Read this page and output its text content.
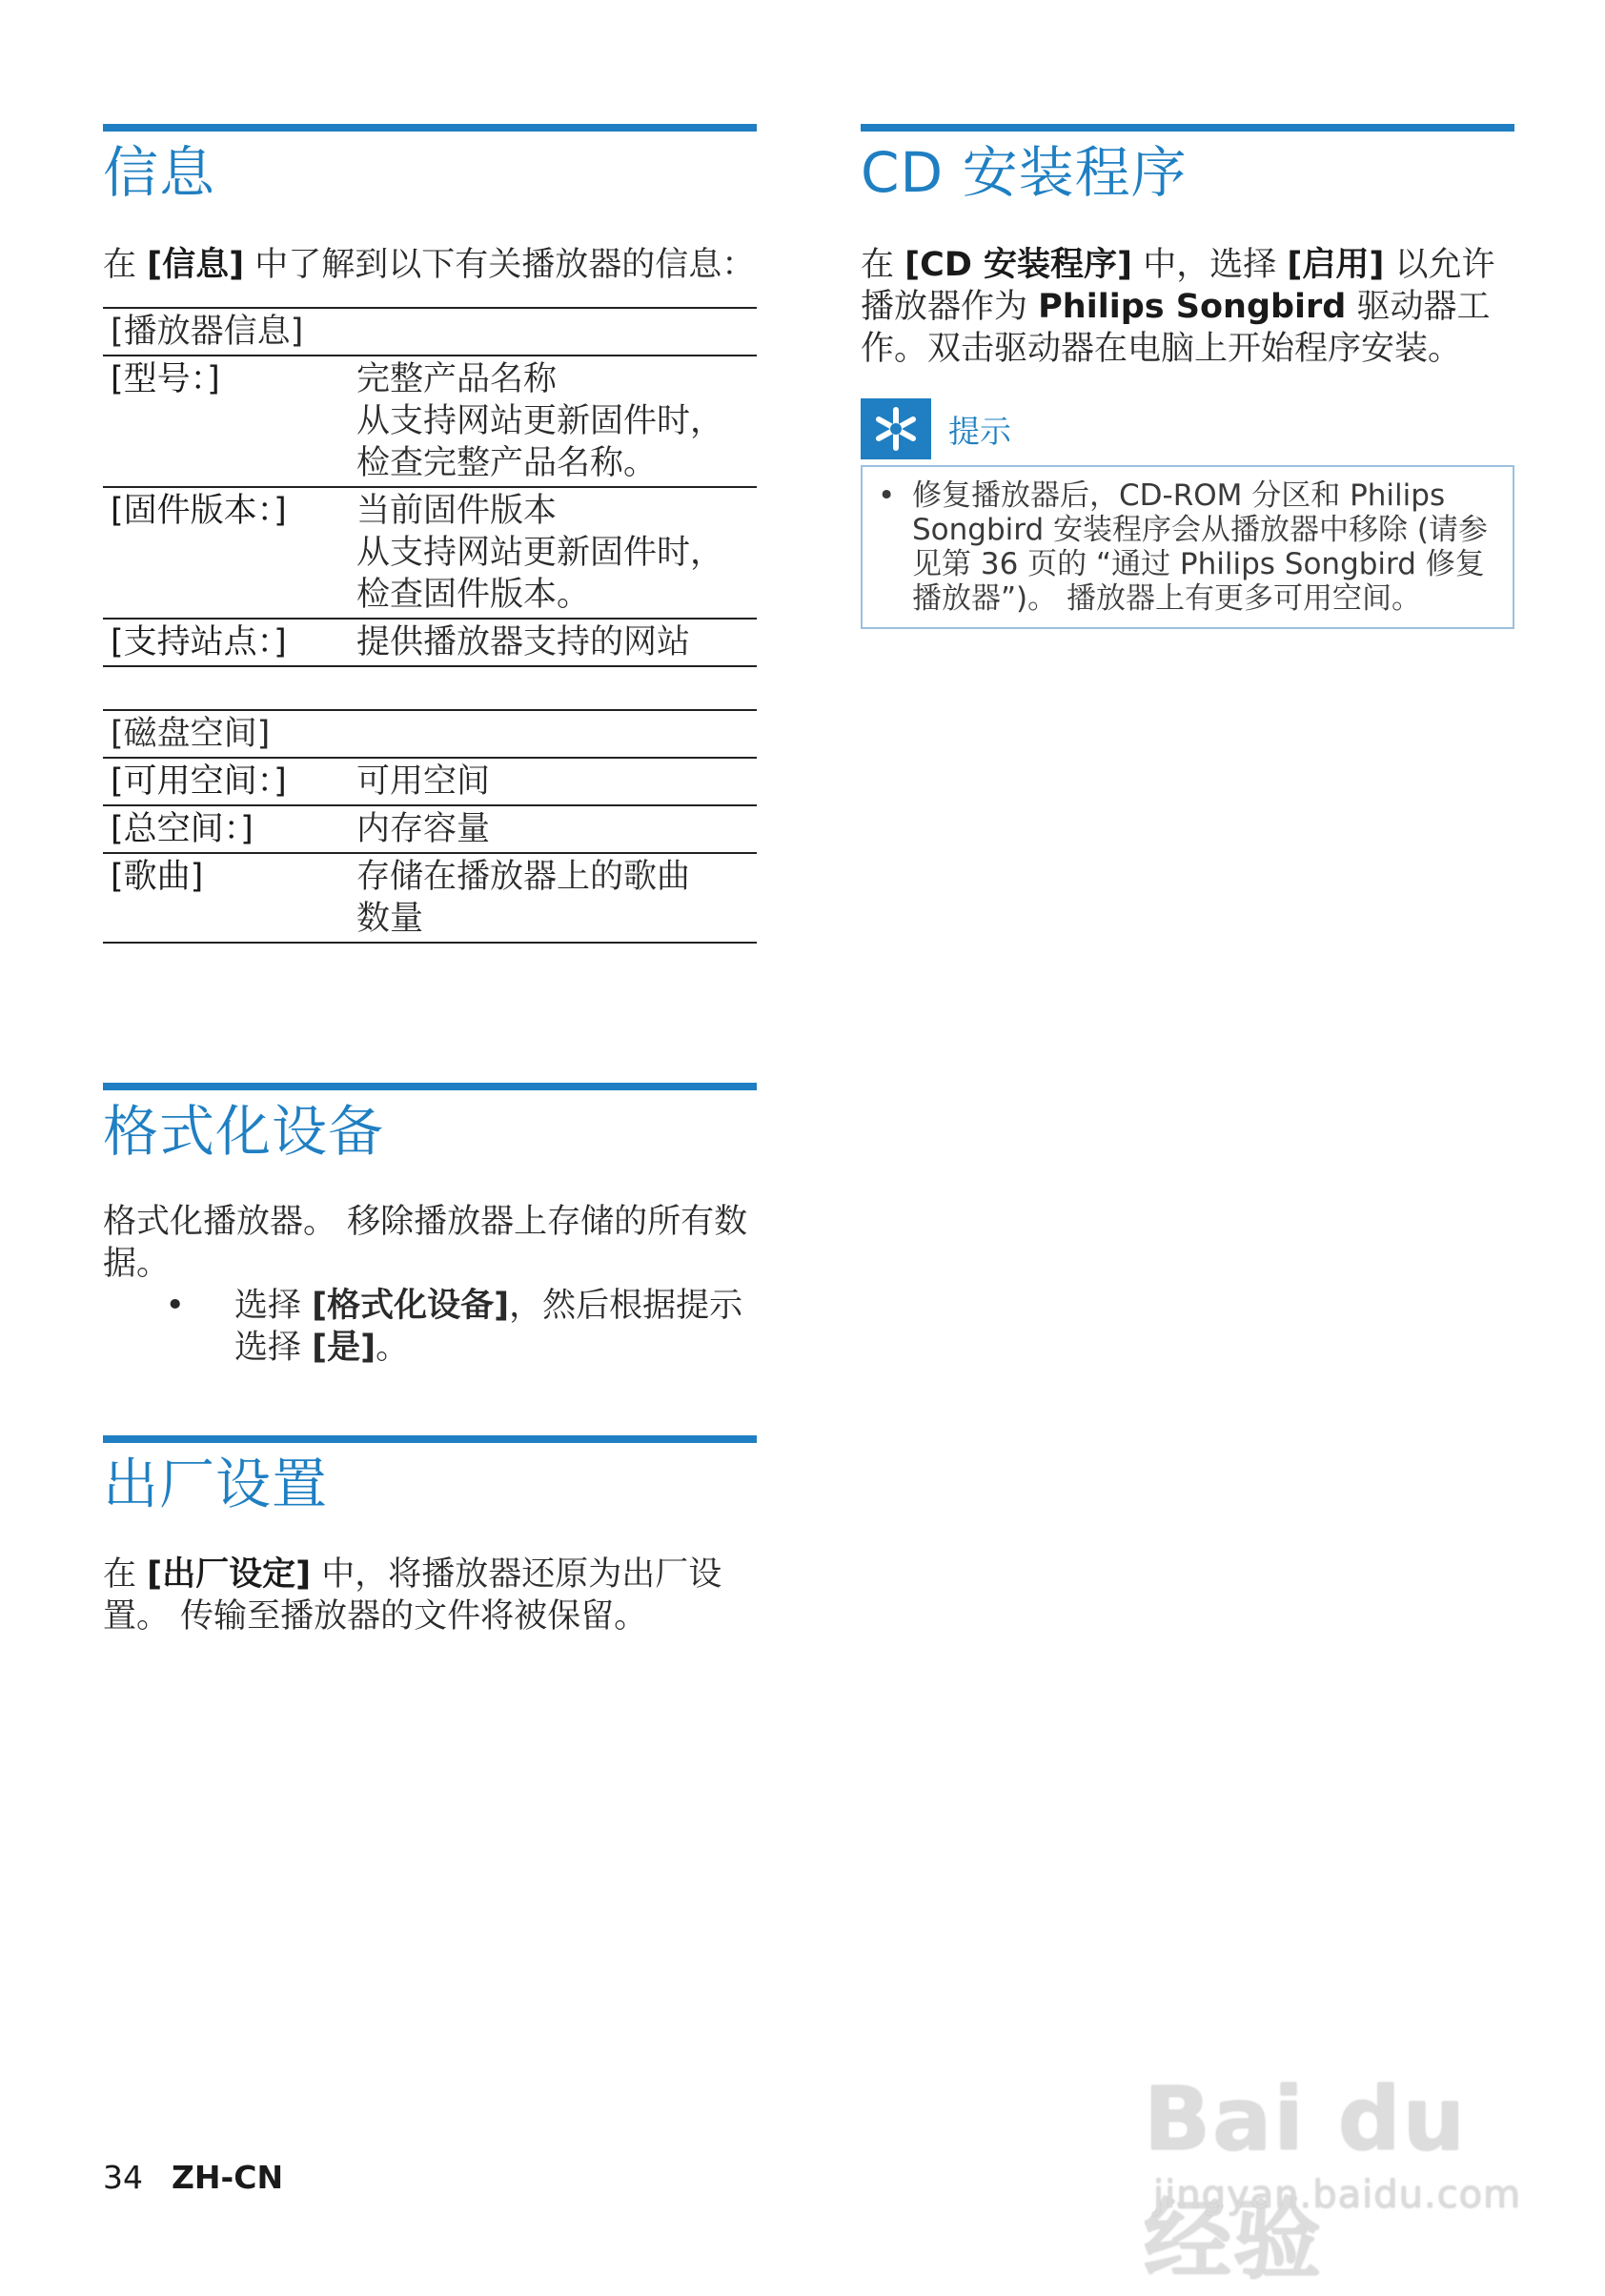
信息

在 [信息] 中了解到以下有关播放器的信息：

[播放器信息]	
[型号：]	完整产品名称
从支持网站更新固件时，
检查完整产品名称。

[固件版本：]	当前固件版本
从支持网站更新固件时，
检查固件版本。

[支持站点：]	提供播放器支持的网站
[磁盘空间]	
[可用空间：]	可用空间

[总空间：]	内存容量

[歌曲]	存储在播放器上的歌曲
数量
格式化设备

格式化播放器。 移除播放器上存储的所有数据。

•	选择 [格式化设备]，然后根据提示选择 [是]。
出厂设置

在 [出厂设定] 中，将播放器还原为出厂设置。 传输至播放器的文件将被保留。

CD 安装程序

在 [CD 安装程序] 中，选择 [启用] 以允许播放器作为 Philips Songbird 驱动器工作。双击驱动器在电脑上开始程序安装。

提示
• 修复播放器后，CD-ROM 分区和 Philips Songbird 安装程序会从播放器中移除 (请参见第 36 页的 “通过 Philips Songbird 修复播放器”)。 播放器上有更多可用空间。
34 ZH-CN
Bai du 经验
jingyan.baidu.com
